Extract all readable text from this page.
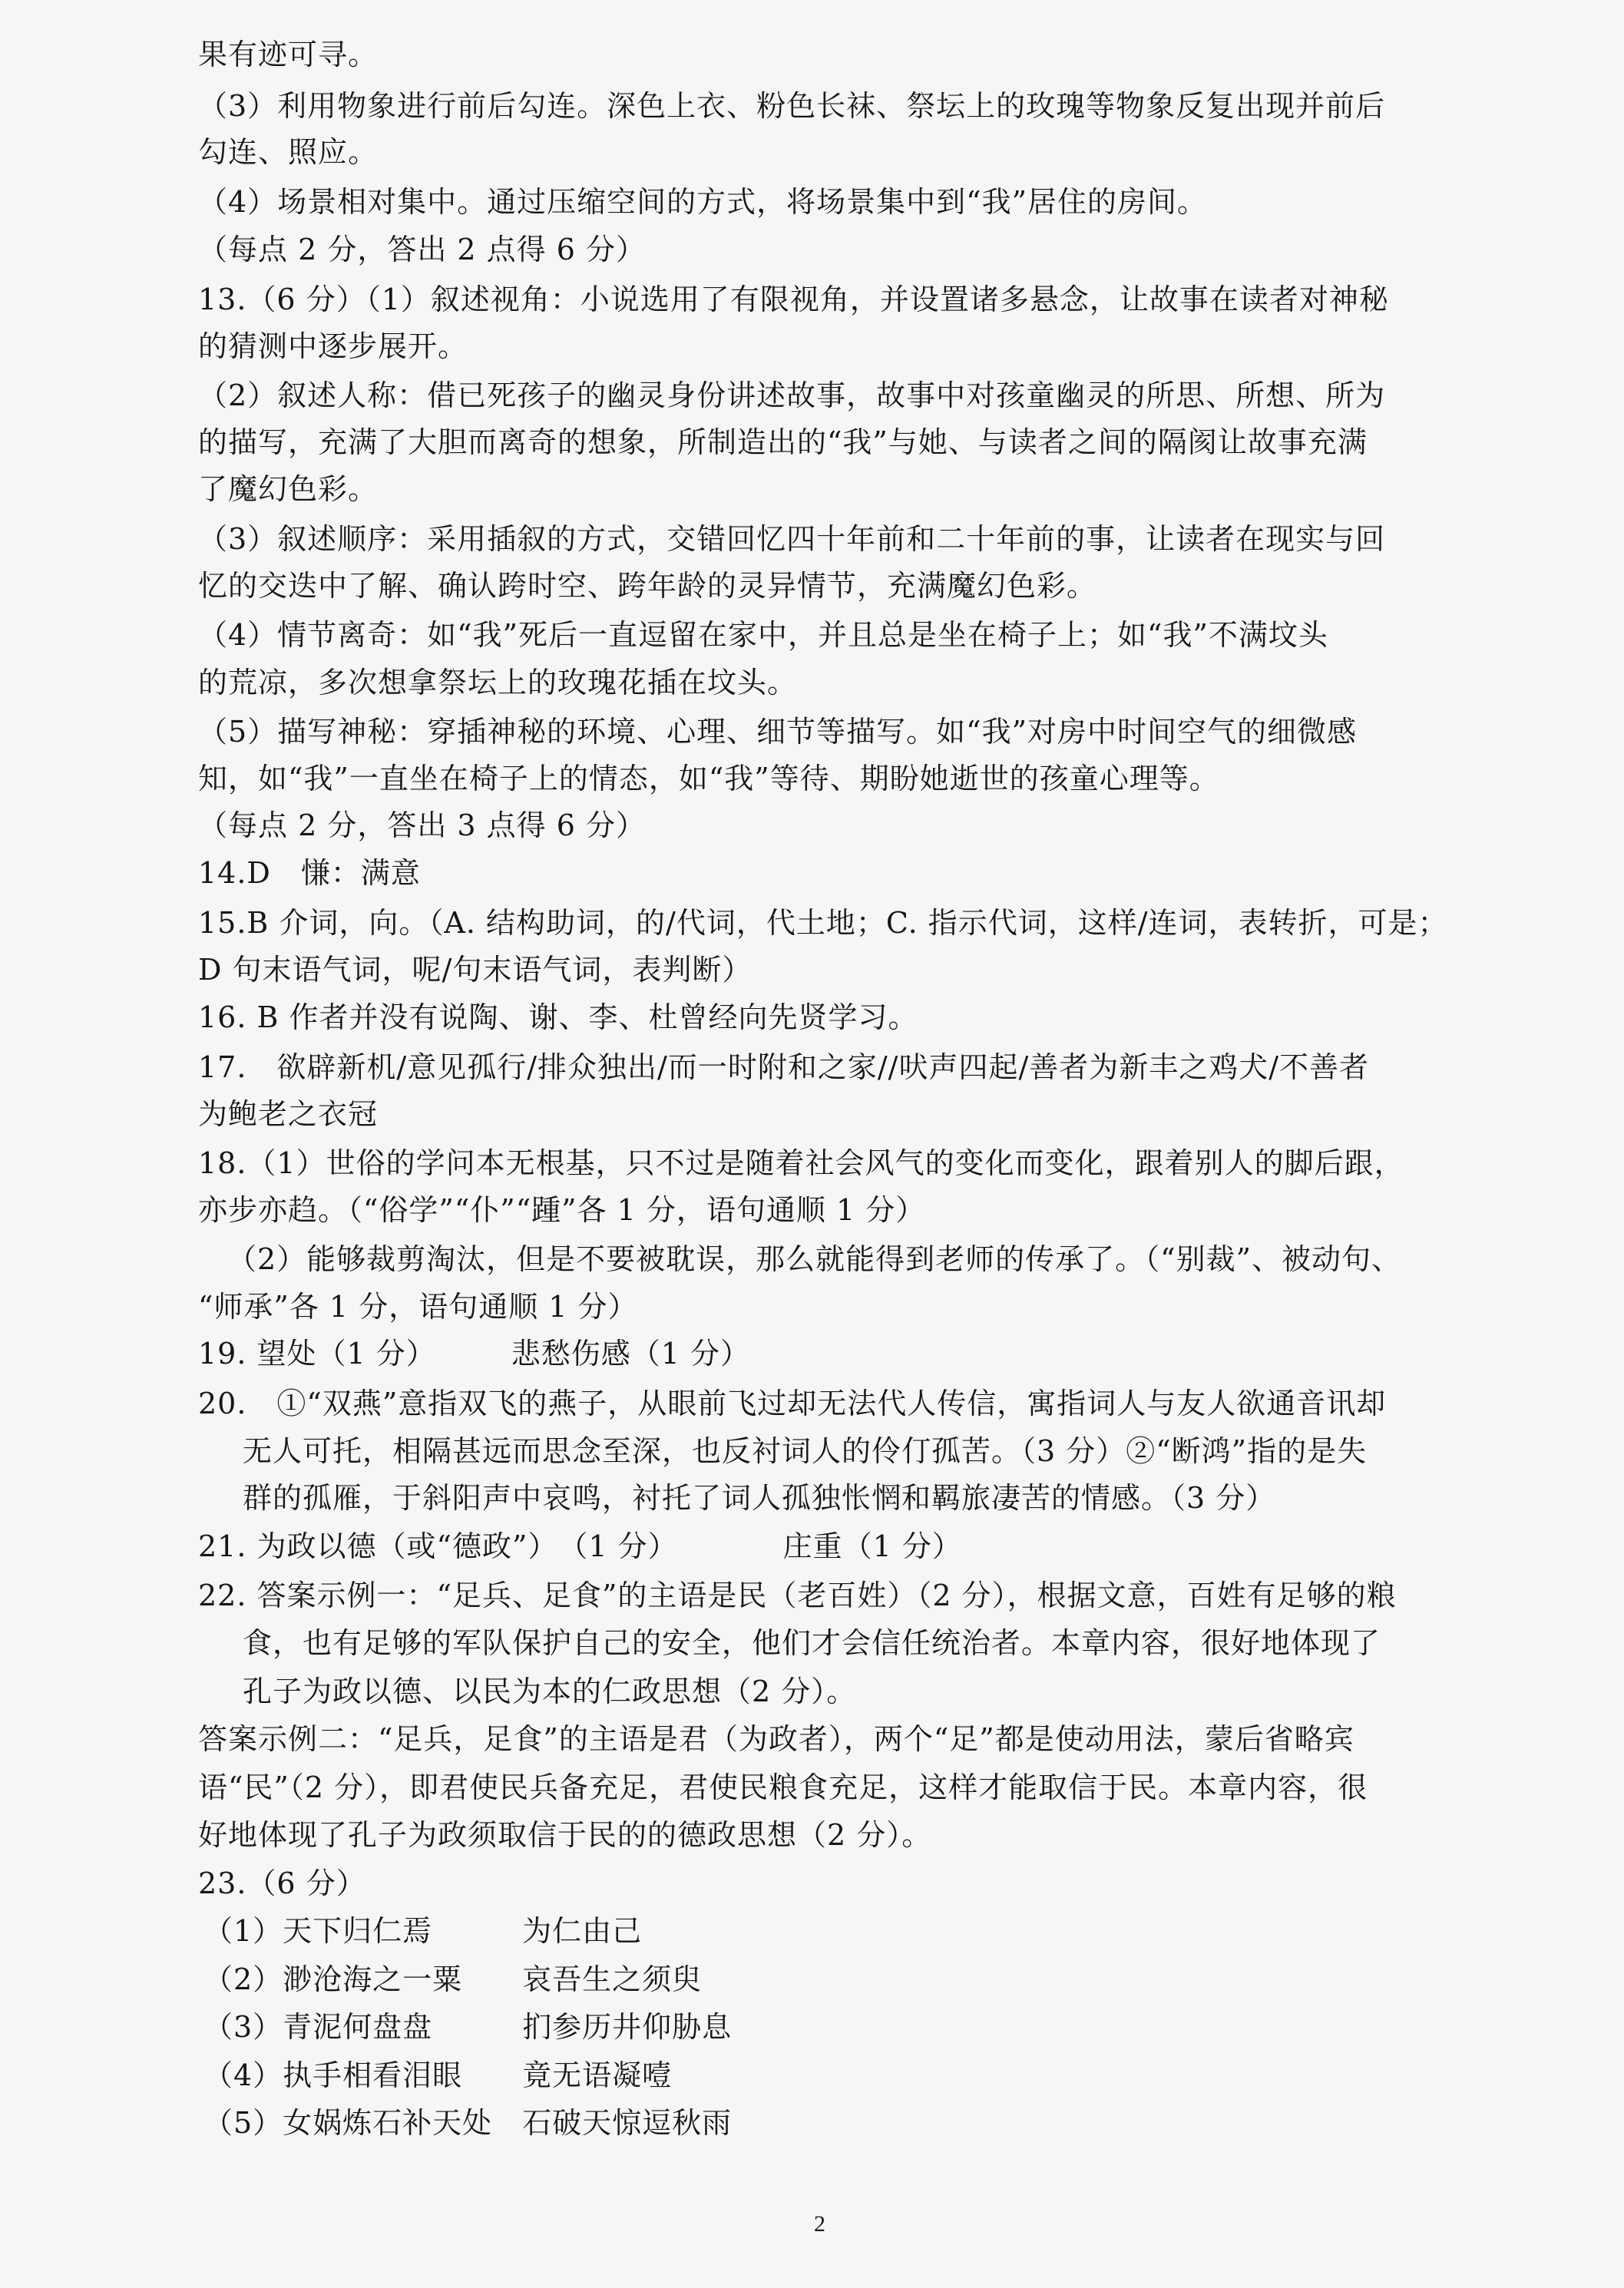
果有迹可寻。
（3）利用物象进行前后勾连。深色上衣、粉色长袜、祭坛上的玫瑰等物象反复出现并前后
勾连、照应。
（4）场景相对集中。通过压缩空间的方式，将场景集中到“我”居住的房间。
（每点 2 分，答出 2 点得 6 分）
13.（6 分）（1）叙述视角：小说选用了有限视角，并设置诸多悬念，让故事在读者对神秘
的猜测中逐步展开。
（2）叙述人称：借已死孩子的幽灵身份讲述故事，故事中对孩童幽灵的所思、所想、所为
的描写，充满了大胆而离奇的想象，所制造出的“我”与她、与读者之间的隔阂让故事充满
了魔幻色彩。
（3）叙述顺序：采用插叙的方式，交错回忆四十年前和二十年前的事，让读者在现实与回
忆的交迭中了解、确认跨时空、跨年龄的灵异情节，充满魔幻色彩。
（4）情节离奇：如“我”死后一直逗留在家中，并且总是坐在椅子上；如“我”不满坟头
的荒凉，多次想拿祭坛上的玫瑰花插在坟头。
（5）描写神秘：穿插神秘的环境、心理、细节等描写。如“我”对房中时间空气的细微感
知，如“我”一直坐在椅子上的情态，如“我”等待、期盼她逝世的孩童心理等。
（每点 2 分，答出 3 点得 6 分）
14.D　慊：满意
15.B 介词，向。（A. 结构助词，的/代词，代土地；C. 指示代词，这样/连词，表转折，可是；
D 句末语气词，呢/句末语气词，表判断）
16. B 作者并没有说陶、谢、李、杜曾经向先贤学习。
17.　欲辟新机/意见孤行/排众独出/而一时附和之家//吠声四起/善者为新丰之鸡犬/不善者
为鲍老之衣冠
18.（1）世俗的学问本无根基，只不过是随着社会风气的变化而变化，跟着别人的脚后跟，
亦步亦趋。（“俗学”“仆”“踵”各 1 分，语句通顺 1 分）
（2）能够裁剪淘汰，但是不要被耽误，那么就能得到老师的传承了。（“别裁”、被动句、
“师承”各 1 分，语句通顺 1 分）
19. 望处（1 分）　　　悲愁伤感（1 分）
20.　①“双燕”意指双飞的燕子，从眼前飞过却无法代人传信，寓指词人与友人欲通音讯却
无人可托，相隔甚远而思念至深，也反衬词人的伶仃孤苦。（3 分）②“断鸿”指的是失
群的孤雁，于斜阳声中哀鸣，衬托了词人孤独怅惘和羁旅凄苦的情感。（3 分）
21. 为政以德（或“德政”）　（1 分）　　　　庄重（1 分）
22. 答案示例一：“足兵、足食”的主语是民（老百姓）（2 分），根据文意，百姓有足够的粮
食，也有足够的军队保护自己的安全，他们才会信任统治者。本章内容，很好地体现了
孔子为政以德、以民为本的仁政思想（2 分）。
答案示例二：“足兵，足食”的主语是君（为政者），两个“足”都是使动用法，蒙后省略宾
语“民”（2 分），即君使民兵备充足，君使民粮食充足，这样才能取信于民。本章内容，很
好地体现了孔子为政须取信于民的的德政思想（2 分）。
23.（6 分）
（1）天下归仁焉　　　为仁由己
（2）渺沧海之一粟　　哀吾生之须臾
（3）青泥何盘盘　　　扪参历井仰胁息
（4）执手相看泪眼　　竟无语凝噎
（5）女娲炼石补天处　石破天惊逗秋雨
2
